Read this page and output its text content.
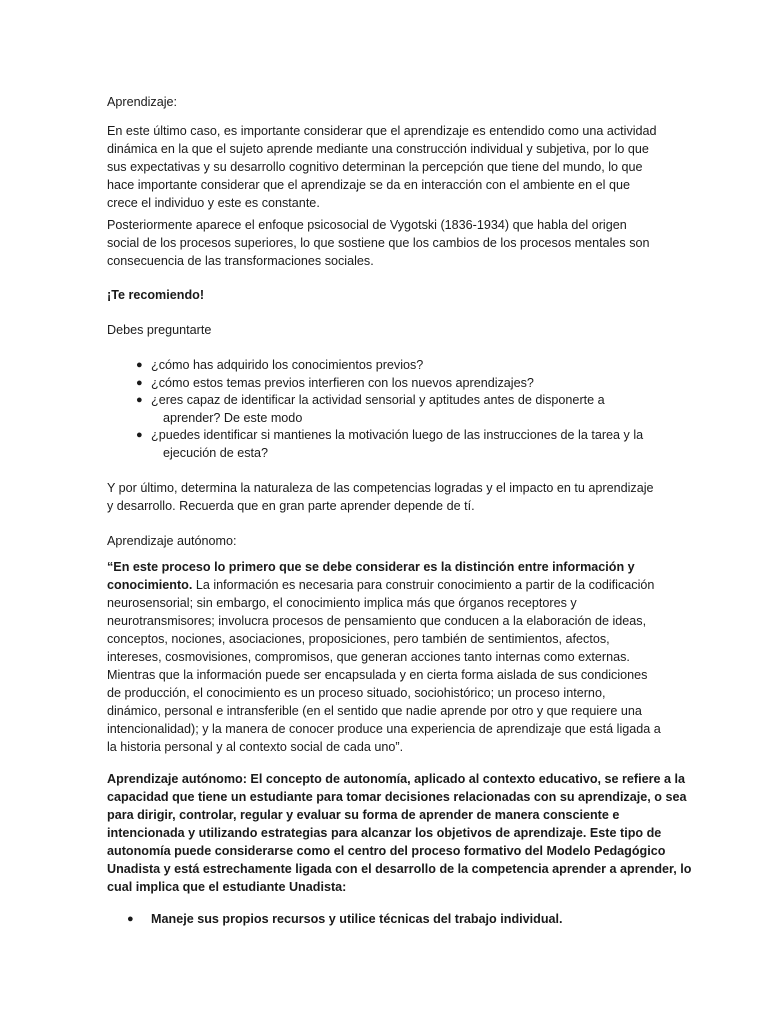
Aprendizaje:
En este último caso, es importante considerar que el aprendizaje es entendido como una actividad
dinámica en la que el sujeto aprende mediante una construcción individual y subjetiva, por lo que
sus expectativas y su desarrollo cognitivo determinan la percepción que tiene del mundo, lo que
hace importante considerar que el aprendizaje se da en interacción con el ambiente en el que
crece el individuo y este es constante.
Posteriormente aparece el enfoque psicosocial de Vygotski (1836-1934) que habla del origen
social de los procesos superiores, lo que sostiene que los cambios de los procesos mentales son
consecuencia de las transformaciones sociales.
¡Te recomiendo!
Debes preguntarte
● ¿cómo has adquirido los conocimientos previos?
● ¿cómo estos temas previos interfieren con los nuevos aprendizajes?
● ¿eres capaz de identificar la actividad sensorial y aptitudes antes de disponerte a
aprender? De este modo
● ¿puedes identificar si mantienes la motivación luego de las instrucciones de la tarea y la
ejecución de esta?
Y por último, determina la naturaleza de las competencias logradas y el impacto en tu aprendizaje
y desarrollo. Recuerda que en gran parte aprender depende de tí.
Aprendizaje autónomo:
“En este proceso lo primero que se debe considerar es la distinción entre información y
conocimiento. La información es necesaria para construir conocimiento a partir de la codificación
neurosensorial; sin embargo, el conocimiento implica más que órganos receptores y
neurotransmisores; involucra procesos de pensamiento que conducen a la elaboración de ideas,
conceptos, nociones, asociaciones, proposiciones, pero también de sentimientos, afectos,
intereses, cosmovisiones, compromisos, que generan acciones tanto internas como externas.
Mientras que la información puede ser encapsulada y en cierta forma aislada de sus condiciones
de producción, el conocimiento es un proceso situado, sociohistórico; un proceso interno,
dinámico, personal e intransferible (en el sentido que nadie aprende por otro y que requiere una
intencionalidad); y la manera de conocer produce una experiencia de aprendizaje que está ligada a
la historia personal y al contexto social de cada uno”.
Aprendizaje autónomo: El concepto de autonomía, aplicado al contexto educativo, se refiere a la
capacidad que tiene un estudiante para tomar decisiones relacionadas con su aprendizaje, o sea
para dirigir, controlar, regular y evaluar su forma de aprender de manera consciente e
intencionada y utilizando estrategias para alcanzar los objetivos de aprendizaje. Este tipo de
autonomía puede considerarse como el centro del proceso formativo del Modelo Pedagógico
Unadista y está estrechamente ligada con el desarrollo de la competencia aprender a aprender, lo
cual implica que el estudiante Unadista:
● Maneje sus propios recursos y utilice técnicas del trabajo individual.
